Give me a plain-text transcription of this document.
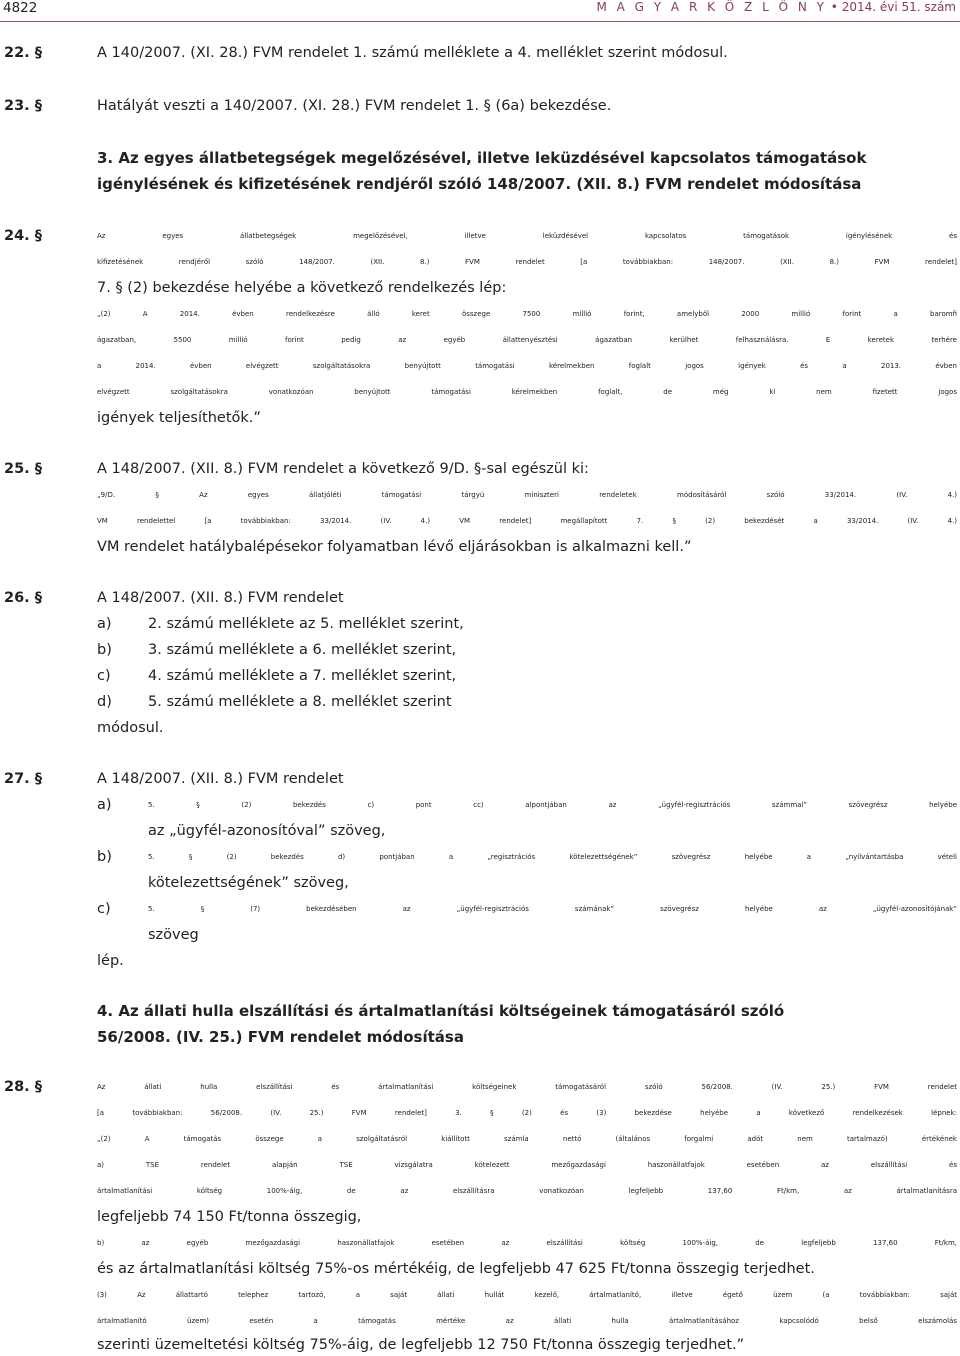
4822	M A G Y A R K Ö Z L Ö N Y • 2014. évi 51. szám
22. §	A 140/2007. (XI. 28.) FVM rendelet 1. számú melléklete a 4. melléklet szerint módosul.
23. §	Hatályát veszti a 140/2007. (XI. 28.) FVM rendelet 1. § (6a) bekezdése.
3. Az egyes állatbetegségek megelőzésével, illetve leküzdésével kapcsolatos támogatások
igénylésének és kifizetésének rendjéről szóló 148/2007. (XII. 8.) FVM rendelet módosítása
24. §	Az egyes állatbetegségek megelőzésével, illetve leküzdésével kapcsolatos támogatások igénylésének és
kifizetésének rendjéről szóló 148/2007. (XII. 8.) FVM rendelet [a továbbiakban: 148/2007. (XII. 8.) FVM rendelet]
7. § (2) bekezdése helyébe a következő rendelkezés lép:
„(2) A 2014. évben rendelkezésre álló keret összege 7500 millió forint, amelyből 2000 millió forint a baromfi
ágazatban, 5500 millió forint pedig az egyéb állattenyésztési ágazatban kerülhet felhasználásra. E keretek terhére
a 2014. évben elvégzett szolgáltatásokra benyújtott támogatási kérelmekben foglalt jogos igények és a 2013. évben
elvégzett szolgáltatásokra vonatkozóan benyújtott támogatási kérelmekben foglalt, de még ki nem fizetett jogos
igények teljesíthetők.”
25. §	A 148/2007. (XII. 8.) FVM rendelet a következő 9/D. §-sal egészül ki:
„9/D. § Az egyes állatjóléti támogatási tárgyú miniszteri rendeletek módosításáról szóló 33/2014. (IV. 4.)
VM rendelettel [a továbbiakban: 33/2014. (IV. 4.) VM rendelet] megállapított 7. § (2) bekezdését a 33/2014. (IV. 4.)
VM rendelet hatálybalépésekor folyamatban lévő eljárásokban is alkalmazni kell.”
26. §	A 148/2007. (XII. 8.) FVM rendelet
a)	2. számú melléklete az 5. melléklet szerint,
b) 3. számú melléklete a 6. melléklet szerint,
c)	4. számú melléklete a 7. melléklet szerint,
d) 5. számú melléklete a 8. melléklet szerint
módosul.
27. §	A 148/2007. (XII. 8.) FVM rendelet
a)	5. § (2) bekezdés c) pont cc) alpontjában az „ügyfél-regisztrációs számmal” szövegrész helyébe
az „ügyfél-azonosítóval” szöveg,
b)	5. § (2) bekezdés d) pontjában a „regisztrációs kötelezettségének” szövegrész helyébe a „nyilvántartásba vételi
kötelezettségének” szöveg,
c)	5. § (7) bekezdésében az „ügyfél-regisztrációs számának” szövegrész helyébe az „ügyfél-azonosítójának”
szöveg
lép.
4. Az állati hulla elszállítási és ártalmatlanítási költségeinek támogatásáról szóló
56/2008. (IV. 25.) FVM rendelet módosítása
28. §	Az állati hulla elszállítási és ártalmatlanítási költségeinek támogatásáról szóló 56/2008. (IV. 25.) FVM rendelet
[a továbbiakban: 56/2008. (IV. 25.) FVM rendelet] 3. § (2) és (3) bekezdése helyébe a következő rendelkezések lépnek:
„(2) A támogatás összege a szolgáltatásról kiállított számla nettó (általános forgalmi adót nem tartalmazó) értékének
a) TSE rendelet alapján TSE vizsgálatra kötelezett mezőgazdasági haszonállatfajok esetében az elszállítási és
ártalmatlanítási költség 100%-áig, de az elszállításra vonatkozóan legfeljebb 137,60 Ft/km, az ártalmatlanításra
legfeljebb 74 150 Ft/tonna összegig,
b) az egyéb mezőgazdasági haszonállatfajok esetében az elszállítási költség 100%-áig, de legfeljebb 137,60 Ft/km,
és az ártalmatlanítási költség 75%-os mértékéig, de legfeljebb 47 625 Ft/tonna összegig terjedhet.
(3) Az állattartó telephez tartozó, a saját állati hullát kezelő, ártalmatlanító, illetve égető üzem (a továbbiakban: saját
ártalmatlanító üzem) esetén a támogatás mértéke az állati hulla ártalmatlanításához kapcsolódó belső elszámolás
szerinti üzemeltetési költség 75%-áig, de legfeljebb 12 750 Ft/tonna összegig terjedhet.”
